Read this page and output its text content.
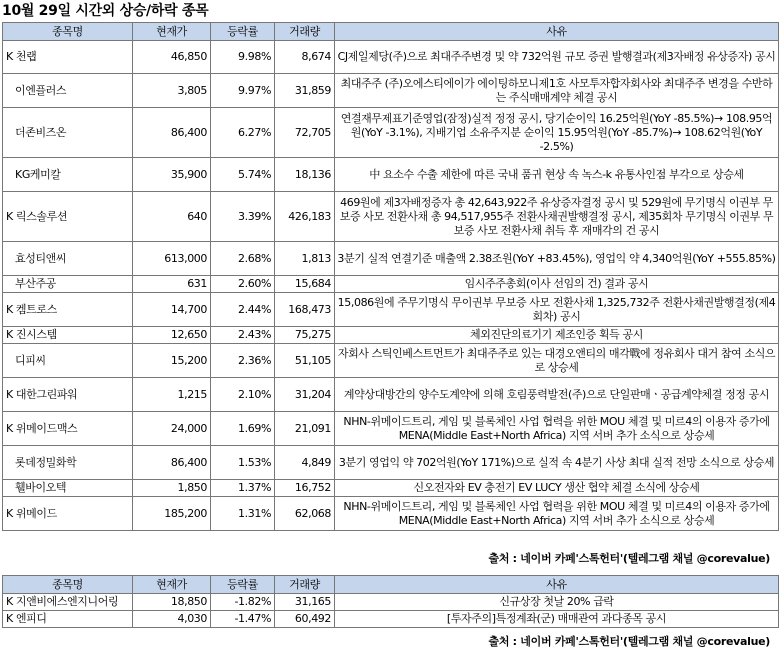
10월 29일 시간외 상승/하락 종목
종목명	현재가	등락률	거래량	사유
K 천랩	46,850	9.98%	8,674	CJ제일제당(주)으로 최대주주변경 및 약 732억원 규모 증권 발행결과(제3자배정 유상증자) 공시
이엔플러스	3,805	9.97%	31,859	최대주주 (주)오에스티에이가 에이팅하모니제1호 사모투자합자회사와 최대주주 변경을 수반하는 주식매매계약 체결 공시
더존비즈온	86,400	6.27%	72,705	연결재무제표기준영업(잠정)실적 정정 공시, 당기순이익 16.25억원(YoY -85.5%)→ 108.95억원(YoY -3.1%), 지배기업 소유주지분 순이익 15.95억원(YoY -85.7%)→ 108.62억원(YoY -2.5%)
KG케미칼	35,900	5.74%	18,136	中 요소수 수출 제한에 따른 국내 품귀 현상 속 녹스-k 유통사인점 부각으로 상승세
K 릭스솔루션	640	3.39%	426,183	469원에 제3자배정증자 총 42,643,922주 유상증자결정 공시 및 529원에 무기명식 이권부 무보증 사모 전환사채 총 94,517,955주 전환사채권발행결정 공시, 제35회차 무기명식 이권부 무보증 사모 전환사채 취득 후 재매각의 건 공시
효성티앤씨	613,000	2.68%	1,813	3분기 실적 연결기준 매출액 2.38조원(YoY +83.45%), 영업익 약 4,340억원(YoY +555.85%)
부산주공	631	2.60%	15,684	임시주주총회(이사 선임의 건) 결과 공시
K 켐트로스	14,700	2.44%	168,473	15,086원에 주무기명식 무이권부 무보증 사모 전환사채 1,325,732주 전환사채권발행결정(제4회차) 공시
K 진시스템	12,650	2.43%	75,275	체외진단의료기기 제조인증 획득 공시
디피씨	15,200	2.36%	51,105	자회사 스틱인베스트먼트가 최대주주로 있는 대경오앤티의 매각戰에 정유회사 대거 참여 소식으로 상승세
K 대한그린파워	1,215	2.10%	31,204	계약상대방간의 양수도계약에 의해 호림풍력발전(주)으로 단일판매ㆍ공급계약체결 정정 공시
K 위메이드맥스	24,000	1.69%	21,091	NHN-위메이드트리, 게임 및 블록체인 사업 협력을 위한 MOU 체결 및 미르4의 이용자 증가에 MENA(Middle East+North Africa) 지역 서버 추가 소식으로 상승세
롯데정밀화학	86,400	1.53%	4,849	3분기 영업익 약 702억원(YoY 171%)으로 실적 속 4분기 사상 최대 실적 전망 소식으로 상승세
휄바이오텍	1,850	1.37%	16,752	신오전자와 EV 충전기 EV LUCY 생산 협약 체결 소식에 상승세
K 위메이드	185,200	1.31%	62,068	NHN-위메이드트리, 게임 및 블록체인 사업 협력을 위한 MOU 체결 및 미르4의 이용자 증가에 MENA(Middle East+North Africa) 지역 서버 추가 소식으로 상승세
출처 : 네이버 카페'스톡헌터'(텔레그램 채널 @corevalue)
종목명	현재가	등락률	거래량	사유
K 지앤비에스엔지니어링	18,850	-1.82%	31,165	신규상장 첫날 20% 급락
K 엔피디	4,030	-1.47%	60,492	[투자주의]특정계좌(군) 매매관여 과다종목 공시
출처 : 네이버 카페'스톡헌터'(텔레그램 채널 @corevalue)
